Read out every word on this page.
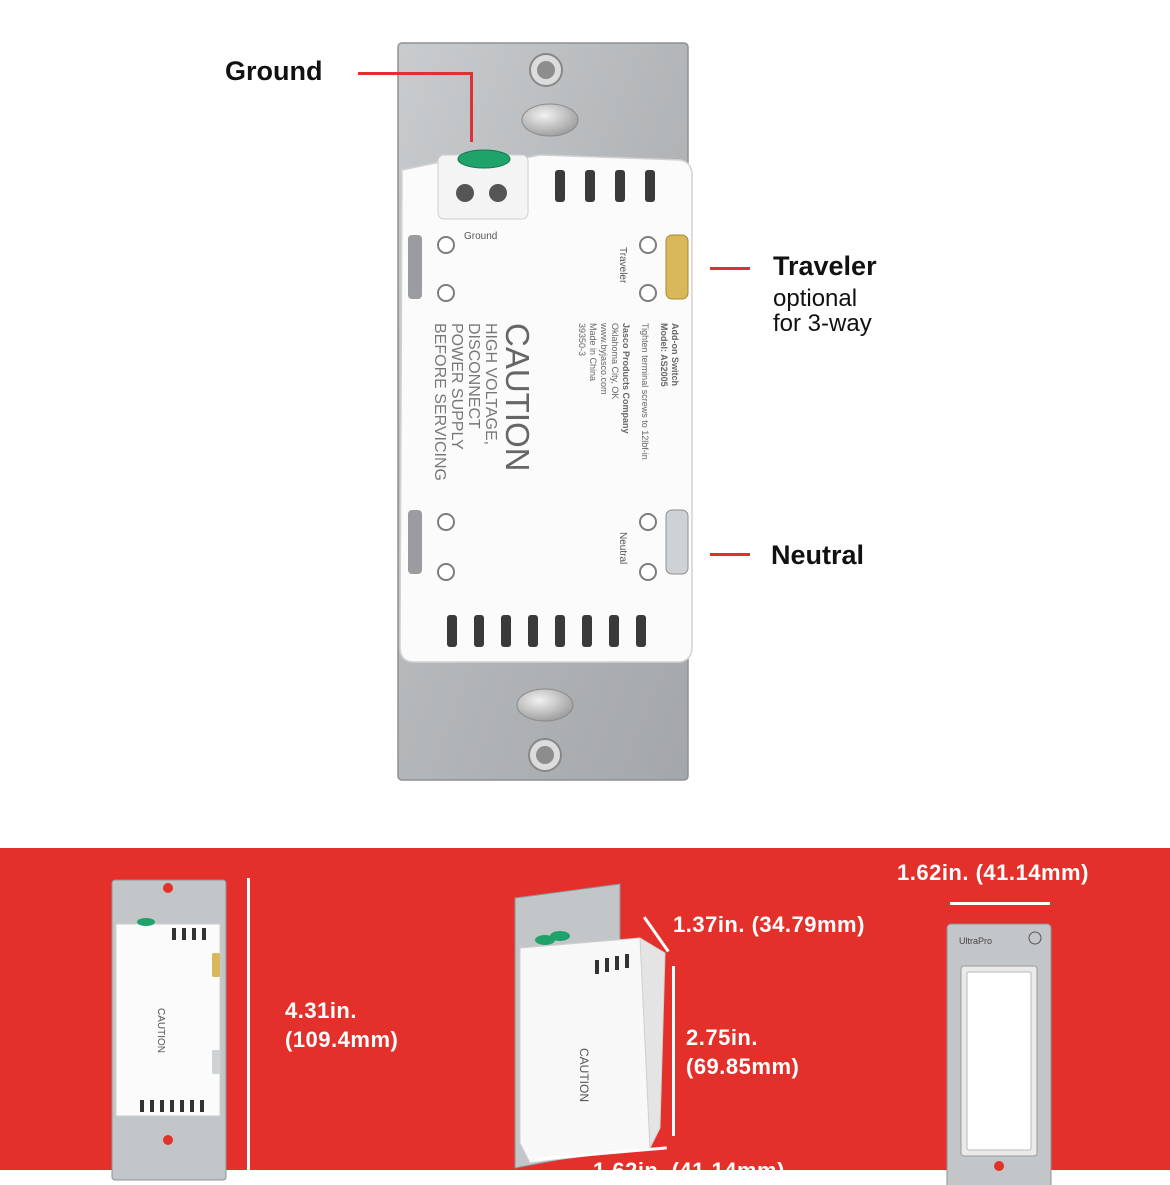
Ground
Traveler
Neutral
CAUTION
HIGH VOLTAGE,
DISCONNECT
POWER SUPPLY
BEFORE SERVICING	Add-on Switch
Model: AS2005
Tighten terminal screws to 12lbf-in
Jasco Products Company
Oklahoma City, OK
www.byjasco.com
Made in China
39350-3
Ground
Traveler
optional
for 3-way
Neutral
CAUTION	4.31in.
(109.4mm)
CAUTION
1.37in. (34.79mm)
2.75in.
(69.85mm)
1.62in. (41.14mm)
1.62in. (41.14mm)
UltraPro
